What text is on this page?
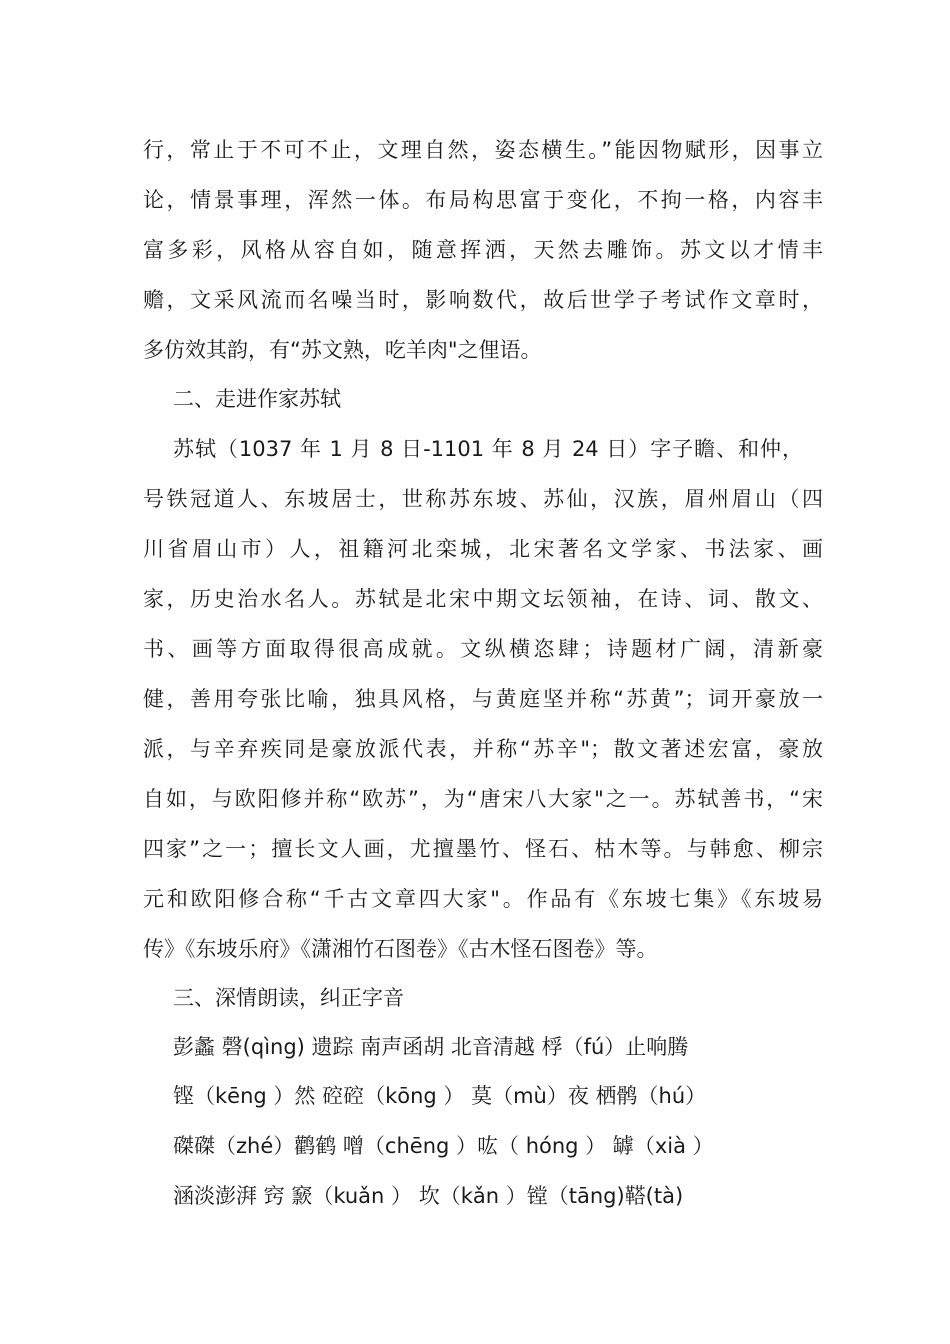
行，常止于不可不止，文理自然，姿态横生。”能因物赋形，因事立

论，情景事理，浑然一体。布局构思富于变化，不拘一格，内容丰

富多彩，风格从容自如，随意挥洒，天然去雕饰。苏文以才情丰

赡，文采风流而名噪当时，影响数代，故后世学子考试作文章时，

多仿效其韵，有“苏文熟，吃羊肉"之俚语。

二、走进作家苏轼

苏轼（1037 年 1 月 8 日-1101 年 8 月 24 日）字子瞻、和仲，

号铁冠道人、东坡居士，世称苏东坡、苏仙，汉族，眉州眉山（四

川省眉山市）人，祖籍河北栾城，北宋著名文学家、书法家、画

家，历史治水名人。苏轼是北宋中期文坛领袖，在诗、词、散文、

书、画等方面取得很高成就。文纵横恣肆；诗题材广阔，清新豪

健，善用夸张比喻，独具风格，与黄庭坚并称“苏黄”；词开豪放一

派，与辛弃疾同是豪放派代表，并称“苏辛"；散文著述宏富，豪放

自如，与欧阳修并称“欧苏”，为“唐宋八大家"之一。苏轼善书，“宋

四家”之一；擅长文人画，尤擅墨竹、怪石、枯木等。与韩愈、柳宗

元和欧阳修合称“千古文章四大家"。作品有《东坡七集》《东坡易

传》《东坡乐府》《潇湘竹石图卷》《古木怪石图卷》等。

三、深情朗读，纠正字音

彭蠡 磬(qìng) 遗踪 南声函胡 北音清越 桴（fú）止响腾

铿（kēng ）然 硿硿（kōng ） 莫（mù）夜 栖鹘（hú）

磔磔（zhé）鹳鹤 噌（chēng ）吰（ hóng ） 罅（xià ）

涵淡澎湃 窍 窾（kuǎn ） 坎（kǎn ）镗（tāng)鞳(tà)
